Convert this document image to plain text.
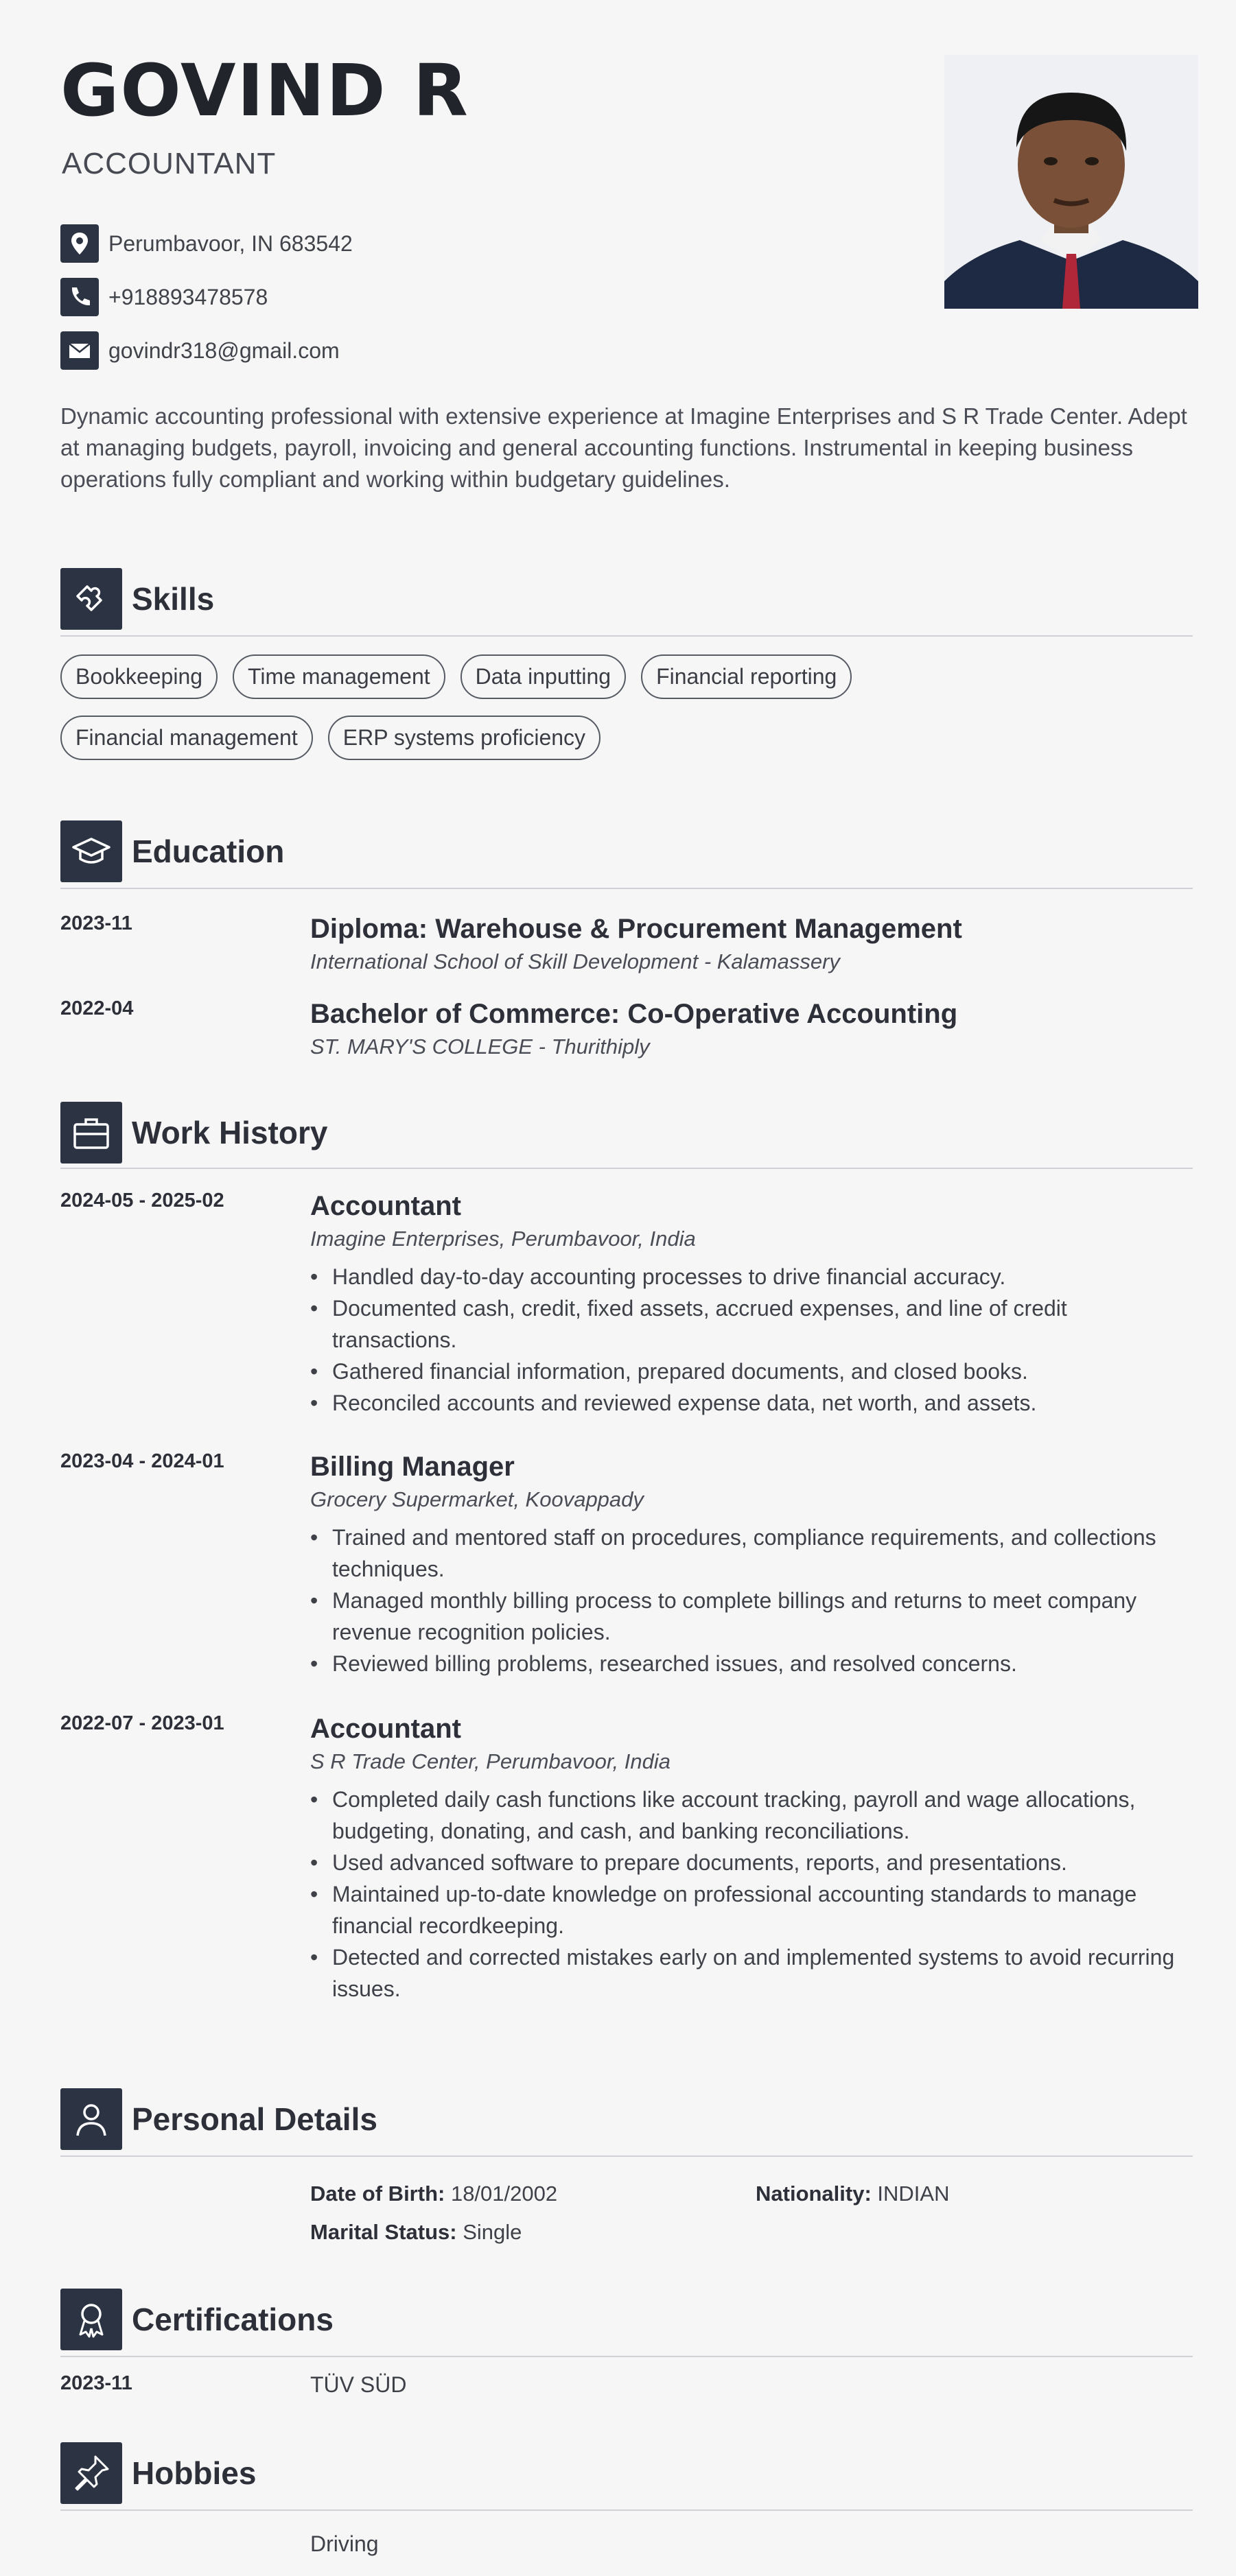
GOVIND R
ACCOUNTANT
Perumbavoor, IN 683542
+918893478578
govindr318@gmail.com
Dynamic accounting professional with extensive experience at Imagine Enterprises and S R Trade Center. Adept at managing budgets, payroll, invoicing and general accounting functions. Instrumental in keeping business operations fully compliant and working within budgetary guidelines.
Skills
Bookkeeping	Time management	Data inputting	Financial reporting
Financial management	ERP systems proficiency
Education
2023-11	Diploma: Warehouse & Procurement Management
International School of Skill Development - Kalamassery
2022-04	Bachelor of Commerce: Co-Operative Accounting
ST. MARY'S COLLEGE - Thurithiply
Work History
2024-05 - 2025-02	Accountant
Imagine Enterprises, Perumbavoor, India
• Handled day-to-day accounting processes to drive financial accuracy.
• Documented cash, credit, fixed assets, accrued expenses, and line of credit transactions.
• Gathered financial information, prepared documents, and closed books.
• Reconciled accounts and reviewed expense data, net worth, and assets.
2023-04 - 2024-01	Billing Manager
Grocery Supermarket, Koovappady
• Trained and mentored staff on procedures, compliance requirements, and collections techniques.
• Managed monthly billing process to complete billings and returns to meet company revenue recognition policies.
• Reviewed billing problems, researched issues, and resolved concerns.
2022-07 - 2023-01	Accountant
S R Trade Center, Perumbavoor, India
• Completed daily cash functions like account tracking, payroll and wage allocations, budgeting, donating, and cash, and banking reconciliations.
• Used advanced software to prepare documents, reports, and presentations.
• Maintained up-to-date knowledge on professional accounting standards to manage financial recordkeeping.
• Detected and corrected mistakes early on and implemented systems to avoid recurring issues.
Personal Details
Date of Birth: 18/01/2002
Marital Status: Single
Nationality: INDIAN
Certifications
2023-11	TÜV SÜD
Hobbies
Driving
